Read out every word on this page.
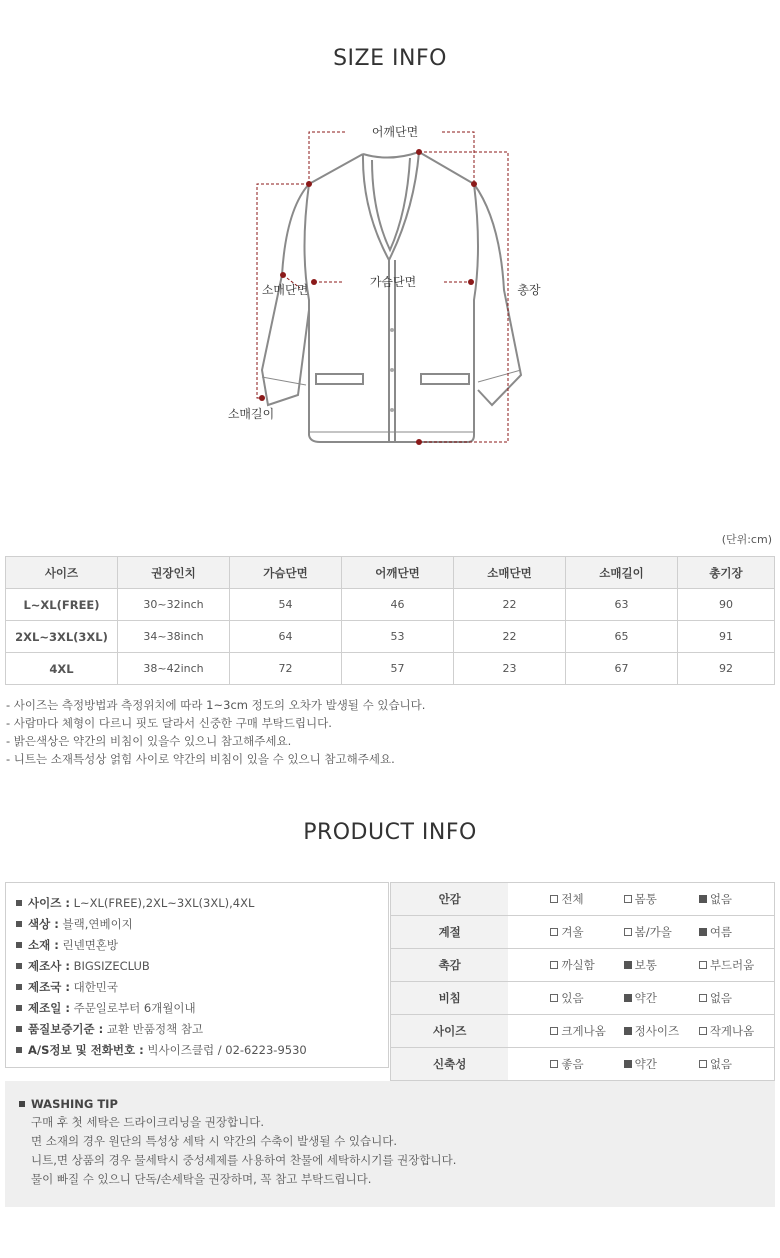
SIZE INFO
어깨단면
가슴단면
소매단면	총장
소매길이
(단위:cm)
사이즈	권장인치	가슴단면	어깨단면	소매단면	소매길이	총기장
L~XL(FREE)	30~32inch	54	46	22	63	90
2XL~3XL(3XL)	34~38inch	64	53	22	65	91
4XL	38~42inch	72	57	23	67	92
- 사이즈는 측정방법과 측정위치에 따라 1~3cm 정도의 오차가 발생될 수 있습니다.
- 사람마다 체형이 다르니 핏도 달라서 신중한 구매 부탁드립니다.
- 밝은색상은 약간의 비침이 있을수 있으니 참고해주세요.
- 니트는 소재특성상 얽힘 사이로 약간의 비침이 있을 수 있으니 참고해주세요.
PRODUCT INFO
사이즈 : L~XL(FREE),2XL~3XL(3XL),4XL
색상 : 블랙,연베이지
소재 : 린넨면혼방
제조사 : BIGSIZECLUB
제조국 : 대한민국
제조일 : 주문일로부터 6개월이내
품질보증기준 : 교환 반품정책 참고
A/S정보 및 전화번호 : 빅사이즈클럽 / 02-6223-9530
안감	전체	몸통	없음
계절	겨울	봄/가을	여름
촉감	까실함	보통	부드러움
비침	있음	약간	없음
사이즈	크게나옴	정사이즈	작게나옴
신축성	좋음	약간	없음
WASHING TIP
구매 후 첫 세탁은 드라이크리닝을 권장합니다.
면 소재의 경우 원단의 특성상 세탁 시 약간의 수축이 발생될 수 있습니다.
니트,면 상품의 경우 물세탁시 중성세제를 사용하여 찬물에 세탁하시기를 권장합니다.
물이 빠질 수 있으니 단독/손세탁을 권장하며, 꼭 참고 부탁드립니다.
